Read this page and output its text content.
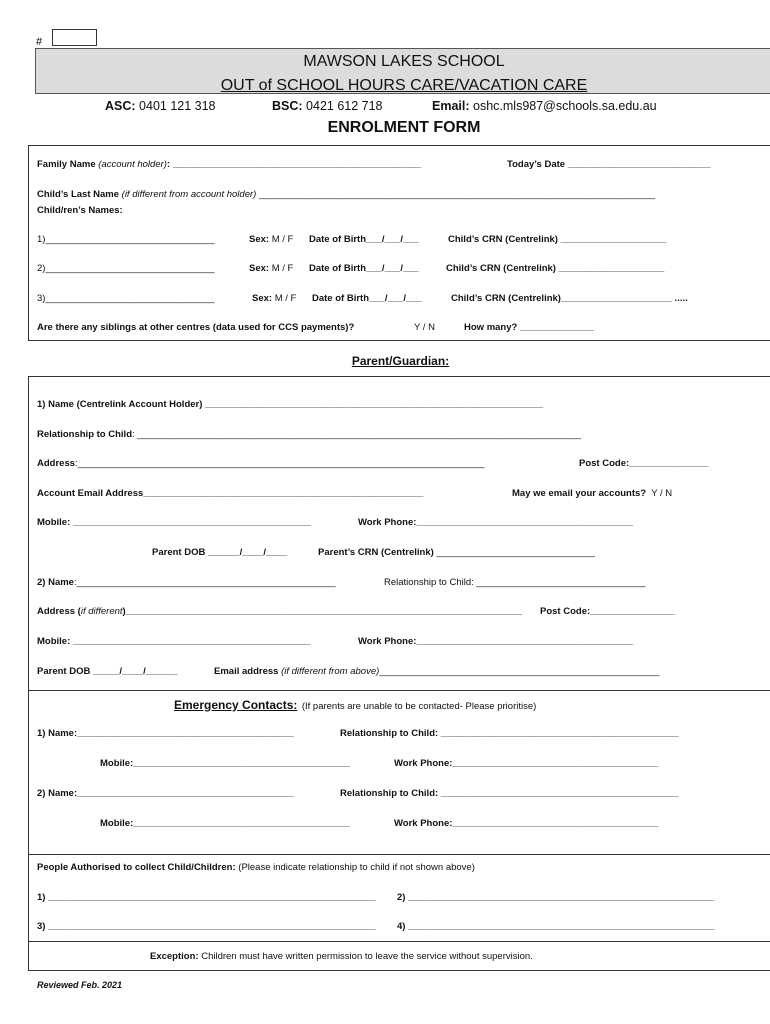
#
MAWSON LAKES SCHOOL
OUT of SCHOOL HOURS CARE/VACATION CARE
ASC: 0401 121 318	BSC: 0421 612 718	Email: oshc.mls987@schools.sa.edu.au
ENROLMENT FORM
Family Name (account holder): _______________________________________________	Today’s Date ___________________________
Child’s Last Name (if different from account holder) ___________________________________________________________________________
Child/ren’s Names:
1)________________________________	Sex: M / F Date of Birth___/___/___	Child’s CRN (Centrelink) ____________________
2)________________________________	Sex: M / F Date of Birth___/___/___	Child’s CRN (Centrelink) ____________________
3)________________________________	Sex: M / F Date of Birth___/___/___	Child’s CRN (Centrelink)_____________________ .....
Are there any siblings at other centres (data used for CCS payments)?	Y / N	How many? ______________
Parent/Guardian:
1) Name (Centrelink Account Holder) ________________________________________________________________
Relationship to Child: ____________________________________________________________________________________
Address:_____________________________________________________________________________	Post Code:_______________
Account Email Address_____________________________________________________	May we email your accounts? Y / N
Mobile: _____________________________________________	Work Phone:_________________________________________
Parent DOB ______/____/____	Parent’s CRN (Centrelink) ______________________________
2) Name:_________________________________________________	Relationship to Child: ________________________________
Address (if different)___________________________________________________________________________ Post Code:________________
Mobile: _____________________________________________	Work Phone:_________________________________________
Parent DOB _____/____/______	Email address (if different from above)_____________________________________________________
Emergency Contacts: (If parents are unable to be contacted- Please prioritise)
1) Name:_________________________________________	Relationship to Child: _____________________________________________
Mobile:_________________________________________	Work Phone:_______________________________________
2) Name:_________________________________________	Relationship to Child: _____________________________________________
Mobile:_________________________________________	Work Phone:_______________________________________
People Authorised to collect Child/Children: (Please indicate relationship to child if not shown above)
1) ______________________________________________________________ 2) __________________________________________________________
3) ______________________________________________________________ 4) __________________________________________________________
Exception: Children must have written permission to leave the service without supervision.
Reviewed Feb. 2021
